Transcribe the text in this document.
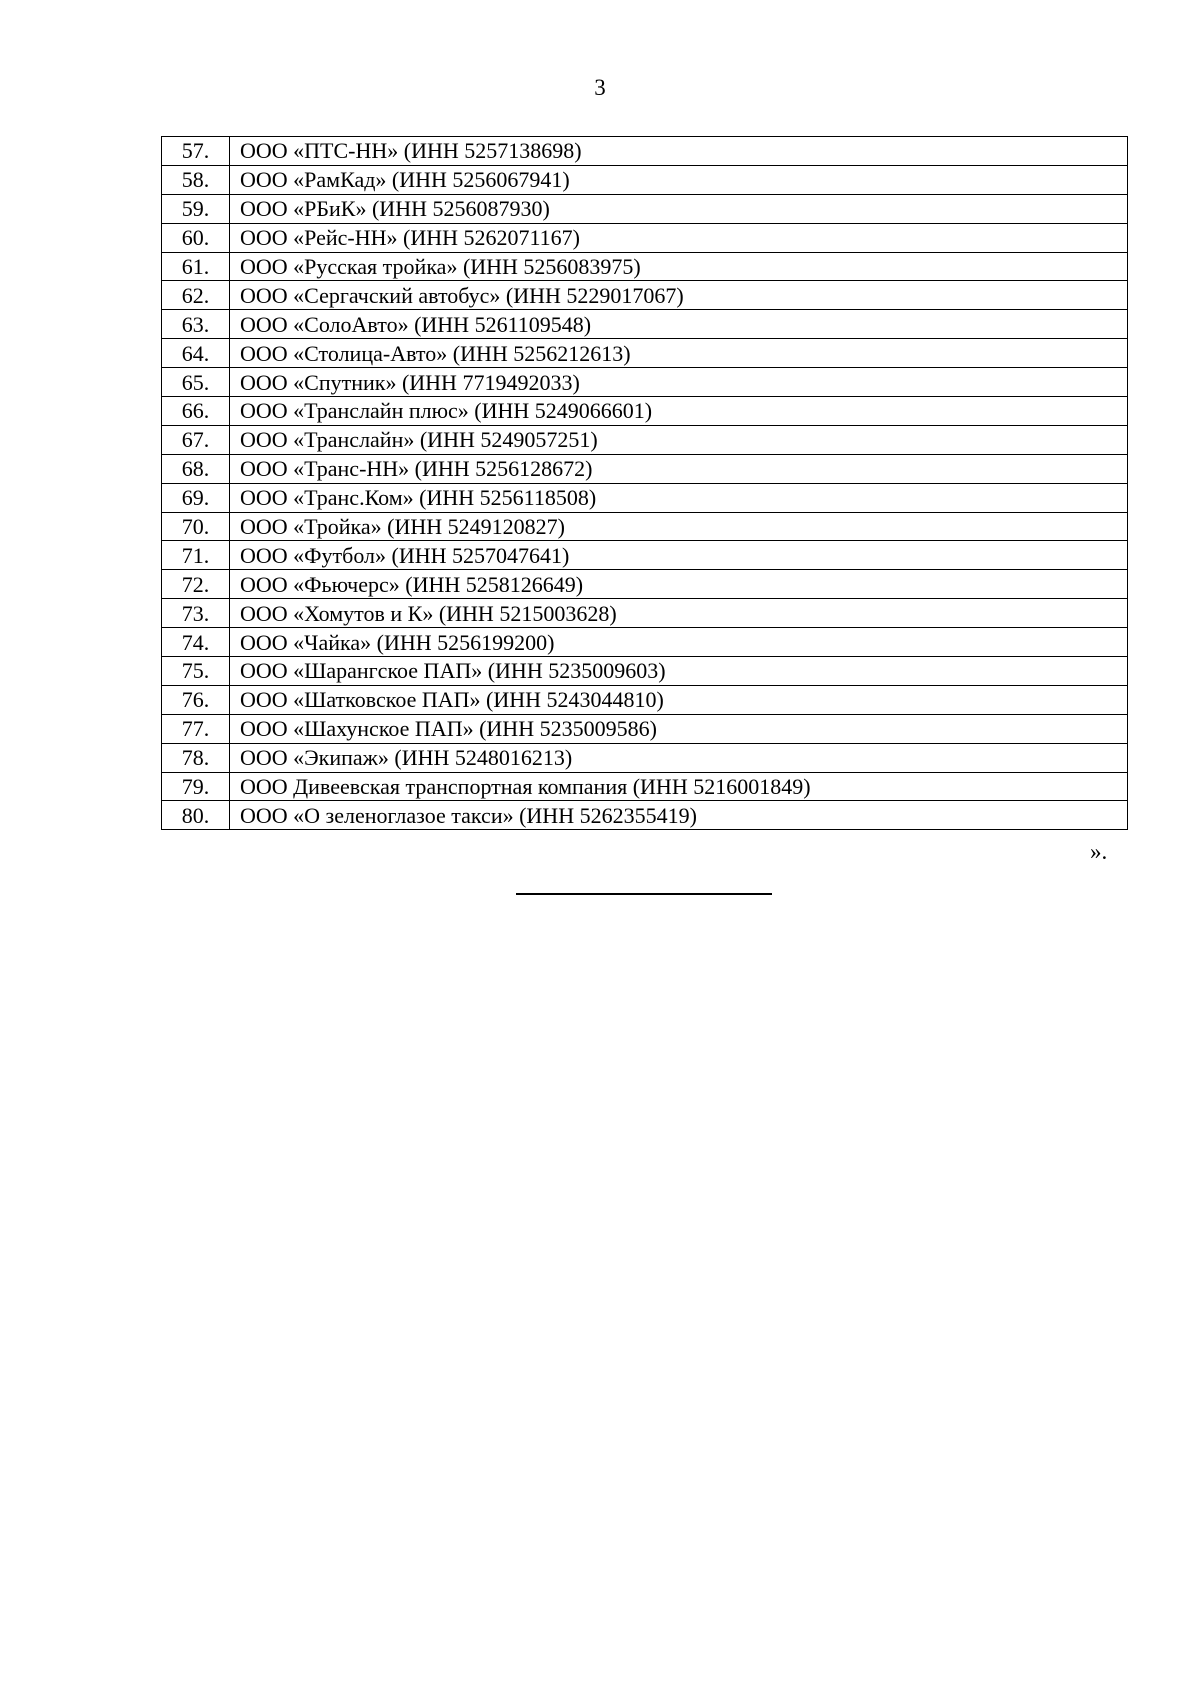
3
57.	ООО «ПТС-НН» (ИНН 5257138698)
58.	ООО «РамКад» (ИНН 5256067941)
59.	ООО «РБиК» (ИНН 5256087930)
60.	ООО «Рейс-НН» (ИНН 5262071167)
61.	ООО «Русская тройка» (ИНН 5256083975)
62.	ООО «Сергачский автобус» (ИНН 5229017067)
63.	ООО «СолоАвто» (ИНН 5261109548)
64.	ООО «Столица-Авто» (ИНН 5256212613)
65.	ООО «Спутник» (ИНН 7719492033)
66.	ООО «Транслайн плюс» (ИНН 5249066601)
67.	ООО «Транслайн» (ИНН 5249057251)
68.	ООО «Транс-НН» (ИНН 5256128672)
69.	ООО «Транс.Ком» (ИНН 5256118508)
70.	ООО «Тройка» (ИНН 5249120827)
71.	ООО «Футбол» (ИНН 5257047641)
72.	ООО «Фьючерс» (ИНН 5258126649)
73.	ООО «Хомутов и К» (ИНН 5215003628)
74.	ООО «Чайка» (ИНН 5256199200)
75.	ООО «Шарангское ПАП» (ИНН 5235009603)
76.	ООО «Шатковское ПАП» (ИНН 5243044810)
77.	ООО «Шахунское ПАП» (ИНН 5235009586)
78.	ООО «Экипаж» (ИНН 5248016213)
79.	ООО Дивеевская транспортная компания (ИНН 5216001849)
80.	ООО «О зеленоглазое такси» (ИНН 5262355419)
».
